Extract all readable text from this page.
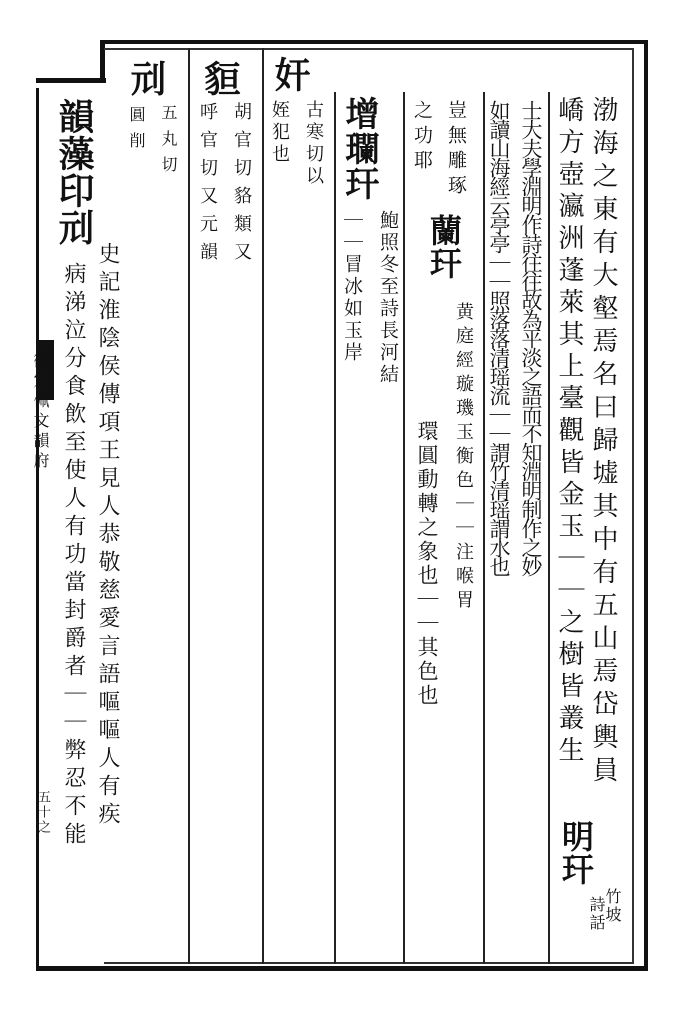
御定佩文韻府
五十之
渤海之東有大壑焉名曰歸墟其中有五山焉岱輿員
嶠方壺瀛洲蓬萊其上臺觀皆金玉｜｜之樹皆叢生
明玕
竹坡
詩話
士大夫學淵明作詩往往故為平淡之語而不知淵明制作之妙
如讀山海經云亭亭｜｜照落落清瑶流｜｜謂竹清瑶謂水也
豈無雕琢
蘭玕
黄庭經璇璣玉衡色｜｜注喉胃
之功耶
環圓動轉之象也｜｜其色也
增瓓玕
鮑照冬至詩長河結
｜｜冒冰如玉岸
奸
古寒切以
姪犯也
貆
胡官切貉類又
呼官切又元韻
刓
五丸切
圓削
韻藻印刓
史記淮陰侯傳項王見人恭敬慈愛言語嘔嘔人有疾
病涕泣分食飲至使人有功當封爵者｜｜弊忍不能
